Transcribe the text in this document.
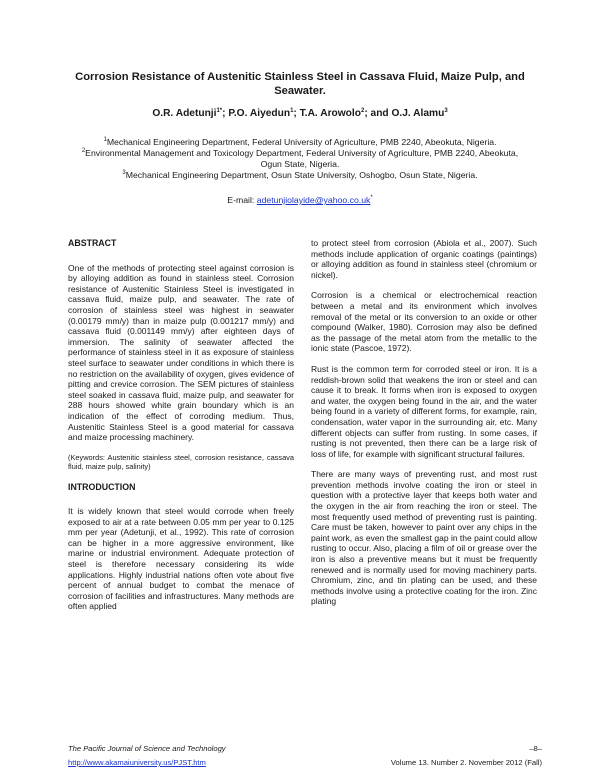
Corrosion Resistance of Austenitic Stainless Steel in Cassava Fluid, Maize Pulp, and Seawater.
O.R. Adetunji$^{1*}$; P.O. Aiyedun$^1$; T.A. Arowolo$^2$; and O.J. Alamu$^3$
$^1$Mechanical Engineering Department, Federal University of Agriculture, PMB 2240, Abeokuta, Nigeria.
$^2$Environmental Management and Toxicology Department, Federal University of Agriculture, PMB 2240, Abeokuta, Ogun State, Nigeria.
$^3$Mechanical Engineering Department, Osun State University, Oshogbo, Osun State, Nigeria.
E-mail: adetunjiolayide@yahoo.co.uk*
ABSTRACT

One of the methods of protecting steel against corrosion is by alloying addition as found in stainless steel. Corrosion resistance of Austenitic Stainless Steel is investigated in cassava fluid, maize pulp, and seawater. The rate of corrosion of stainless steel was highest in seawater (0.00179 mm/y) than in maize pulp (0.001217 mm/y) and cassava fluid (0.001149 mm/y) after eighteen days of immersion. The salinity of seawater affected the performance of stainless steel in it as exposure of stainless steel surface to seawater under conditions in which there is no restriction on the availability of oxygen, gives evidence of pitting and crevice corrosion. The SEM pictures of stainless steel soaked in cassava fluid, maize pulp, and seawater for 288 hours showed white grain boundary which is an indication of the effect of corroding medium. Thus, Austenitic Stainless Steel is a good material for cassava and maize processing machinery.

(Keywords: Austenitic stainless steel, corrosion resistance, cassava fluid, maize pulp, salinity)

INTRODUCTION

It is widely known that steel would corrode when freely exposed to air at a rate between 0.05 mm per year to 0.125 mm per year (Adetunji, et al., 1992). This rate of corrosion can be higher in a more aggressive environment, like marine or industrial environment. Adequate protection of steel is therefore necessary considering its wide applications. Highly industrial nations often vote about five percent of annual budget to combat the menace of corrosion of facilities and infrastructures. Many methods are often applied

to protect steel from corrosion (Abiola et al., 2007). Such methods include application of organic coatings (paintings) or alloying addition as found in stainless steel (chromium or nickel).

Corrosion is a chemical or electrochemical reaction between a metal and its environment which involves removal of the metal or its conversion to an oxide or other compound (Walker, 1980). Corrosion may also be defined as the passage of the metal atom from the metallic to the ionic state (Pascoe, 1972).

Rust is the common term for corroded steel or iron. It is a reddish-brown solid that weakens the iron or steel and can cause it to break. It forms when iron is exposed to oxygen and water, the oxygen being found in the air, and the water being found in a variety of different forms, for example, rain, condensation, water vapor in the surrounding air, etc. Many different objects can suffer from rusting. In some cases, if rusting is not prevented, then there can be a large risk of loss of life, for example with significant structural failures.

There are many ways of preventing rust, and most rust prevention methods involve coating the iron or steel in question with a protective layer that keeps both water and the oxygen in the air from reaching the iron or steel. The most frequently used method of preventing rust is painting. Care must be taken, however to paint over any chips in the paint work, as even the smallest gap in the paint could allow rusting to occur. Also, placing a film of oil or grease over the iron is also a preventive means but it must be frequently renewed and is normally used for moving machinery parts. Chromium, zinc, and tin plating can be used, and these methods involve using a protective coating for the iron. Zinc plating

The Pacific Journal of Science and Technology	–8–
http://www.akamaiuniversity.us/PJST.htm	Volume 13. Number 2. November 2012 (Fall)
